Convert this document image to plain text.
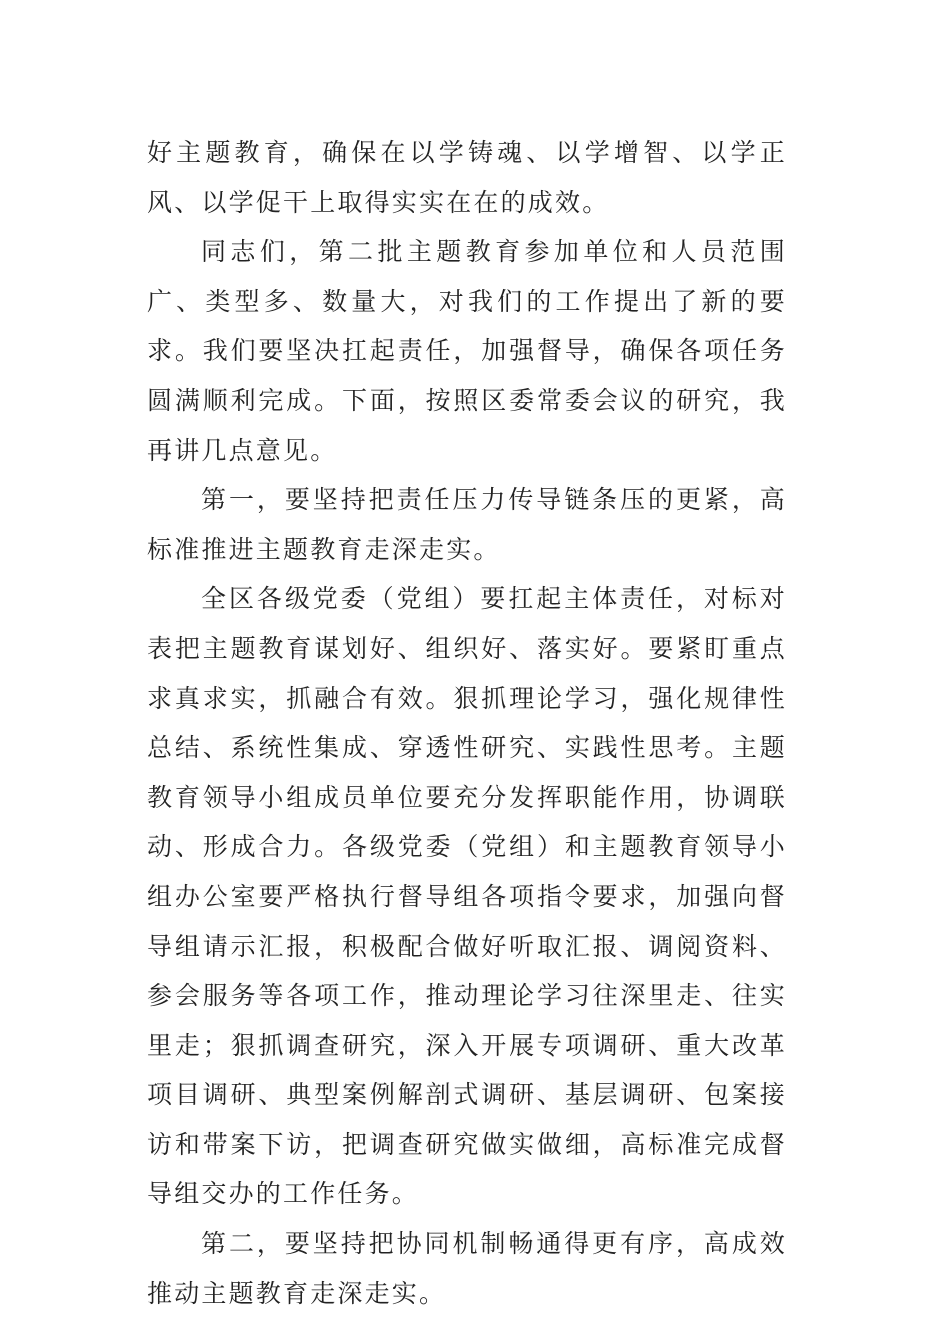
好主题教育，确保在以学铸魂、以学增智、以学正风、以学促干上取得实实在在的成效。

同志们，第二批主题教育参加单位和人员范围广、类型多、数量大，对我们的工作提出了新的要求。我们要坚决扛起责任，加强督导，确保各项任务圆满顺利完成。下面，按照区委常委会议的研究，我再讲几点意见。

第一，要坚持把责任压力传导链条压的更紧，高标准推进主题教育走深走实。

全区各级党委（党组）要扛起主体责任，对标对表把主题教育谋划好、组织好、落实好。要紧盯重点求真求实，抓融合有效。狠抓理论学习，强化规律性总结、系统性集成、穿透性研究、实践性思考。主题教育领导小组成员单位要充分发挥职能作用，协调联动、形成合力。各级党委（党组）和主题教育领导小组办公室要严格执行督导组各项指令要求，加强向督导组请示汇报，积极配合做好听取汇报、调阅资料、参会服务等各项工作，推动理论学习往深里走、往实里走；狠抓调查研究，深入开展专项调研、重大改革项目调研、典型案例解剖式调研、基层调研、包案接访和带案下访，把调查研究做实做细，高标准完成督导组交办的工作任务。

第二，要坚持把协同机制畅通得更有序，高成效推动主题教育走深走实。
